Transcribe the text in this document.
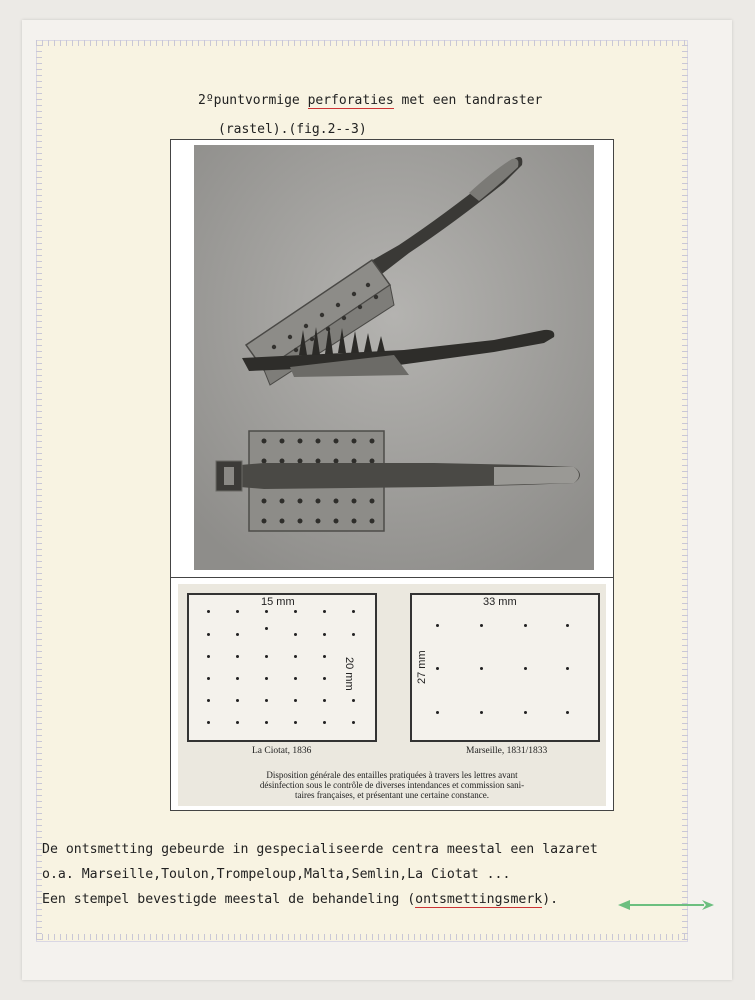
2ºpuntvormige perforaties met een tandraster
(rastel).(fig.2--3)
15 mm
20 mm
La Ciotat, 1836
33 mm
27 mm
Marseille, 1831/1833
Disposition générale des entailles pratiquées à travers les lettres avant
désinfection sous le contrôle de diverses intendances et commission sani-
taires françaises, et présentant une certaine constance.
De ontsmetting gebeurde in gespecialiseerde centra meestal een lazaret
o.a. Marseille,Toulon,Trompeloup,Malta,Semlin,La Ciotat ...
Een stempel bevestigde meestal de behandeling (ontsmettingsmerk).
